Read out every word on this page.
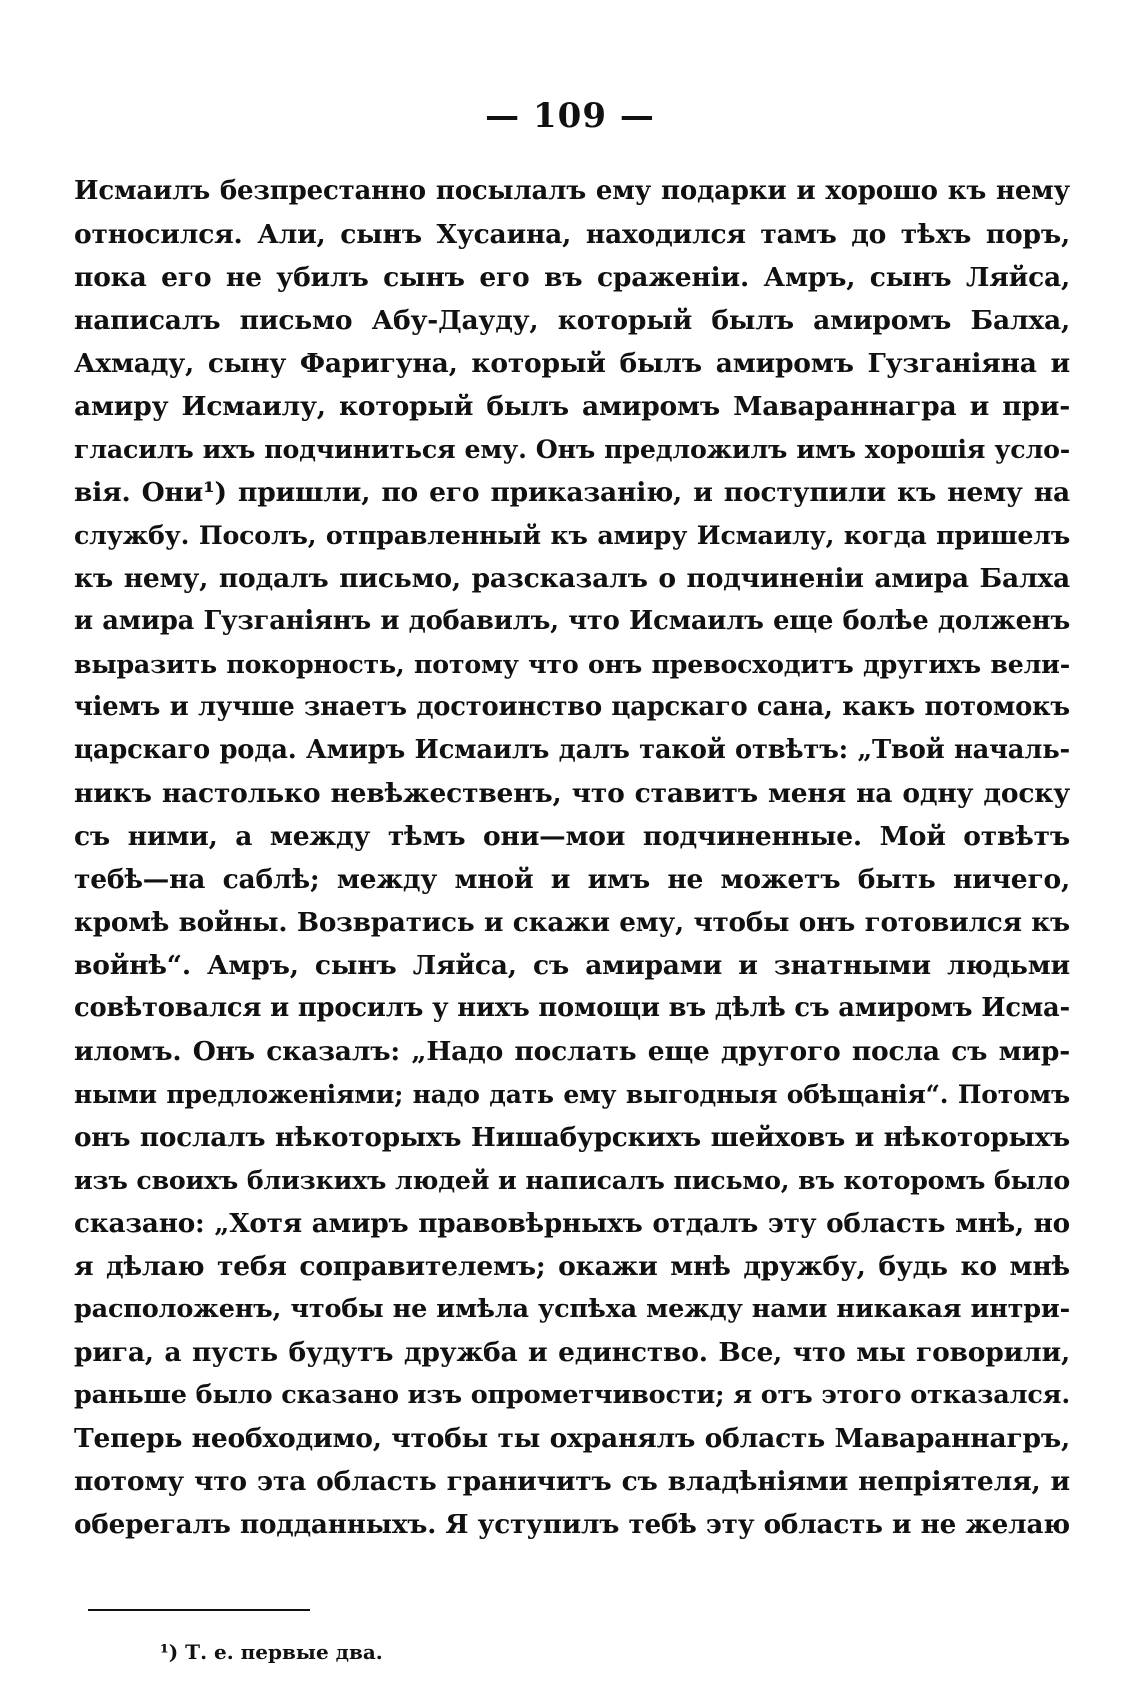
— 109 —
Исмаилъ безпрестанно посылалъ ему подарки и хорошо къ нему
относился. Али, сынъ Хусаина, находился тамъ до тѣхъ поръ,
пока его не убилъ сынъ его въ сраженіи. Амръ, сынъ Ляйса,
написалъ письмо Абу-Дауду, который былъ амиромъ Балха,
Ахмаду, сыну Фаригуна, который былъ амиромъ Гузганіяна и
амиру Исмаилу, который былъ амиромъ Мавараннагра и при-
гласилъ ихъ подчиниться ему. Онъ предложилъ имъ хорошія усло-
вія. Они¹) пришли, по его приказанію, и поступили къ нему на
службу. Посолъ, отправленный къ амиру Исмаилу, когда пришелъ
къ нему, подалъ письмо, разсказалъ о подчиненіи амира Балха
и амира Гузганіянъ и добавилъ, что Исмаилъ еще болѣе долженъ
выразить покорность, потому что онъ превосходитъ другихъ вели-
чіемъ и лучше знаетъ достоинство царскаго сана, какъ потомокъ
царскаго рода. Амиръ Исмаилъ далъ такой отвѣтъ: „Твой началь-
никъ настолько невѣжественъ, что ставитъ меня на одну доску
съ ними, а между тѣмъ они—мои подчиненные. Мой отвѣтъ
тебѣ—на саблѣ; между мной и имъ не можетъ быть ничего,
кромѣ войны. Возвратись и скажи ему, чтобы онъ готовился къ
войнѣ“. Амръ, сынъ Ляйса, съ амирами и знатными людьми
совѣтовался и просилъ у нихъ помощи въ дѣлѣ съ амиромъ Исма-
иломъ. Онъ сказалъ: „Надо послать еще другого посла съ мир-
ными предложеніями; надо дать ему выгодныя обѣщанія“. Потомъ
онъ послалъ нѣкоторыхъ Нишабурскихъ шейховъ и нѣкоторыхъ
изъ своихъ близкихъ людей и написалъ письмо, въ которомъ было
сказано: „Хотя амиръ правовѣрныхъ отдалъ эту область мнѣ, но
я дѣлаю тебя соправителемъ; окажи мнѣ дружбу, будь ко мнѣ
расположенъ, чтобы не имѣла успѣха между нами никакая интри-
рига, а пусть будутъ дружба и единство. Все, что мы говорили,
раньше было сказано изъ опрометчивости; я отъ этого отказался.
Теперь необходимо, чтобы ты охранялъ область Мавараннагръ,
потому что эта область граничитъ съ владѣніями непріятеля, и
оберегалъ подданныхъ. Я уступилъ тебѣ эту область и не желаю
¹) Т. е. первые два.
